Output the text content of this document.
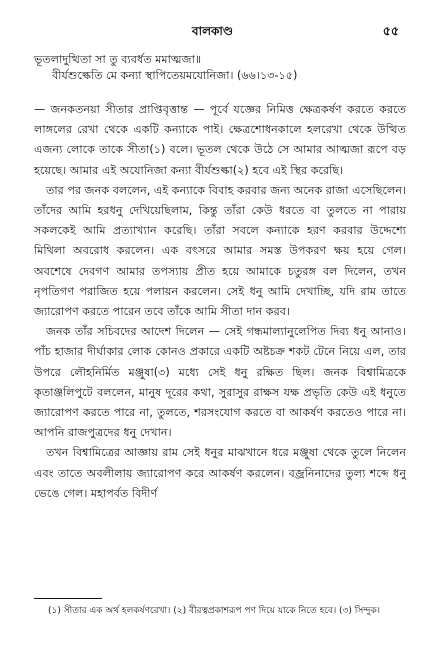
বালকাণ্ড	৫৫
ভূতলাদুত্থিতা সা তু ব্যবর্ধত মমাত্মজা॥
বীর্যশুল্কেতি মে কন্যা স্থাপিতেয়মযোনিজা। (৬৬।১৩-১৫)

— জনকতনয়া সীতার প্রাপ্তিবৃত্তান্ত — পূর্বে যজ্ঞের নিমিত্ত ক্ষেত্রকর্ষণ করতে করতে লাঙ্গলের রেখা থেকে একটি কন্যাকে পাই। ক্ষেত্রশোধনকালে হলরেখা থেকে উত্থিত এজন্য লোকে তাকে সীতা(১) বলে। ভূতল থেকে উঠে সে আমার আত্মজা রূপে বড় হয়েছে। আমার এই অযোনিজা কন্যা বীর্যশুল্কা(২) হবে এই স্থির করেছি।

তার পর জনক বললেন, এই কন্যাকে বিবাহ করবার জন্য অনেক রাজা এসেছিলেন। তাঁদের আমি হরধনু দেখিয়েছিলাম, কিন্তু তাঁরা কেউ ধরতে বা তুলতে না পারায় সকলকেই আমি প্রত্যাখ্যান করেছি। তাঁরা সবলে কন্যাকে হরণ করবার উদ্দেশ্যে মিথিলা অবরোধ করলেন। এক বৎসরে আমার সমস্ত উপকরণ ক্ষয় হয়ে গেল। অবশেষে দেবগণ আমার তপস্যায় প্রীত হয়ে আমাকে চতুরঙ্গ বল দিলেন, তখন নৃপতিগণ পরাজিত হয়ে পলায়ন করলেন। সেই ধনু আমি দেখাচ্ছি, যদি রাম তাতে জ্যারোপণ করতে পারেন তবে তাঁকে আমি সীতা দান করব।

জনক তাঁর সচিবদের আদেশ দিলেন — সেই গন্ধমাল্যানুলেপিত দিব্য ধনু আনাও। পাঁচ হাজার দীর্ঘাকার লোক কোনও প্রকারে একটি অষ্টচক্র শকট টেনে নিয়ে এল, তার উপরে লৌহনির্মিত মঞ্জুষা(৩) মধ্যে সেই ধনু রক্ষিত ছিল। জনক বিশ্বামিত্রকে কৃতাঞ্জলিপুটে বললেন, মানুষ দূরের কথা, সুরাসুর রাক্ষস যক্ষ প্রভৃতি কেউ এই ধনুতে জ্যারোপণ করতে পারে না, তুলতে, শরসংযোগ করতে বা আকর্ষণ করতেও পারে না। আপনি রাজপুত্রদের ধনু দেখান।

তখন বিশ্বামিত্রের আজ্ঞায় রাম সেই ধনুর মাঝখানে ধরে মঞ্জুষা থেকে তুলে নিলেন এবং তাতে অবলীলায় জ্যারোপণ করে আকর্ষণ করলেন। বজ্রনিনাদের তুল্য শব্দে ধনু ভেঙে গেল। মহাপর্বত বিদীর্ণ

(১) সীতার এক অর্থ হলকর্ষণরেখা। (২) বীরত্বপ্রকাশরূপ পণ দিয়ে যাকে নিতে হবে। (৩) সিন্দুক।
